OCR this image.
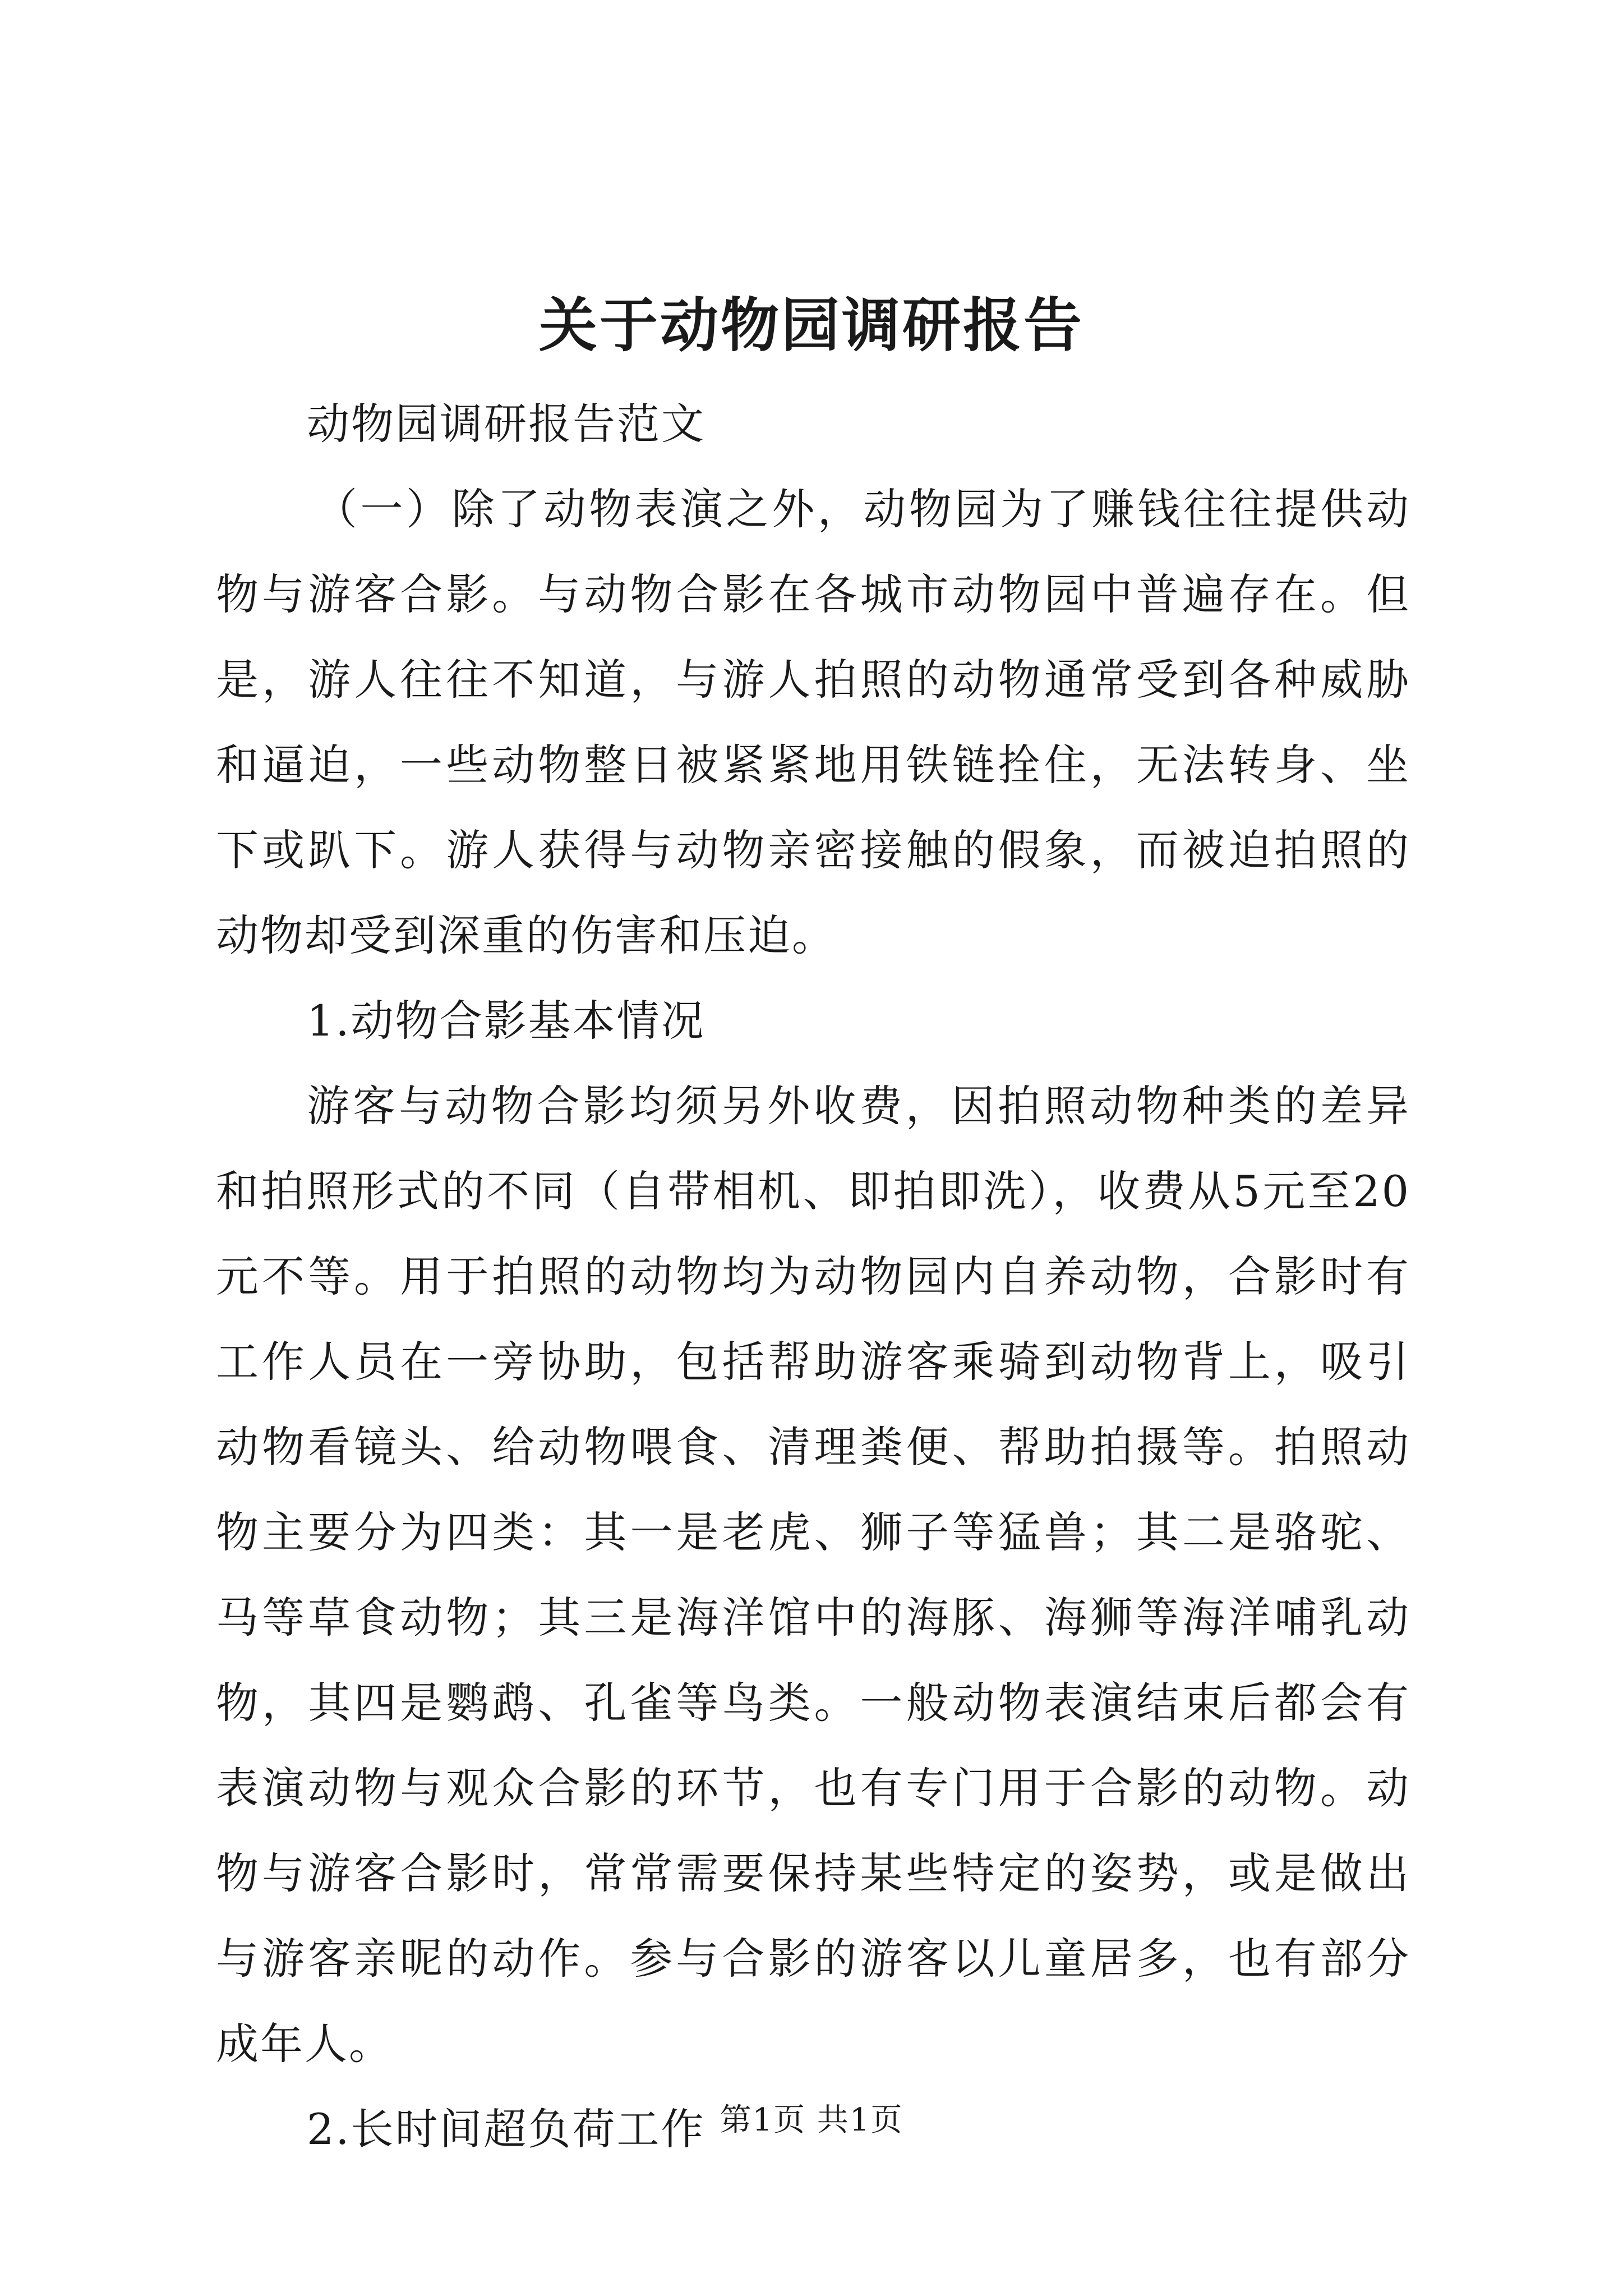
关于动物园调研报告

动物园调研报告范文

（一）除了动物表演之外，动物园为了赚钱往往提供动物与游客合影。与动物合影在各城市动物园中普遍存在。但是，游人往往不知道，与游人拍照的动物通常受到各种威胁和逼迫，一些动物整日被紧紧地用铁链拴住，无法转身、坐下或趴下。游人获得与动物亲密接触的假象，而被迫拍照的动物却受到深重的伤害和压迫。

1.动物合影基本情况

游客与动物合影均须另外收费，因拍照动物种类的差异和拍照形式的不同（自带相机、即拍即洗），收费从5元至20元不等。用于拍照的动物均为动物园内自养动物，合影时有工作人员在一旁协助，包括帮助游客乘骑到动物背上，吸引动物看镜头、给动物喂食、清理粪便、帮助拍摄等。拍照动物主要分为四类：其一是老虎、狮子等猛兽；其二是骆驼、马等草食动物；其三是海洋馆中的海豚、海狮等海洋哺乳动物，其四是鹦鹉、孔雀等鸟类。一般动物表演结束后都会有表演动物与观众合影的环节，也有专门用于合影的动物。动物与游客合影时，常常需要保持某些特定的姿势，或是做出与游客亲昵的动作。参与合影的游客以儿童居多，也有部分成年人。

2.长时间超负荷工作 第1页 共1页
